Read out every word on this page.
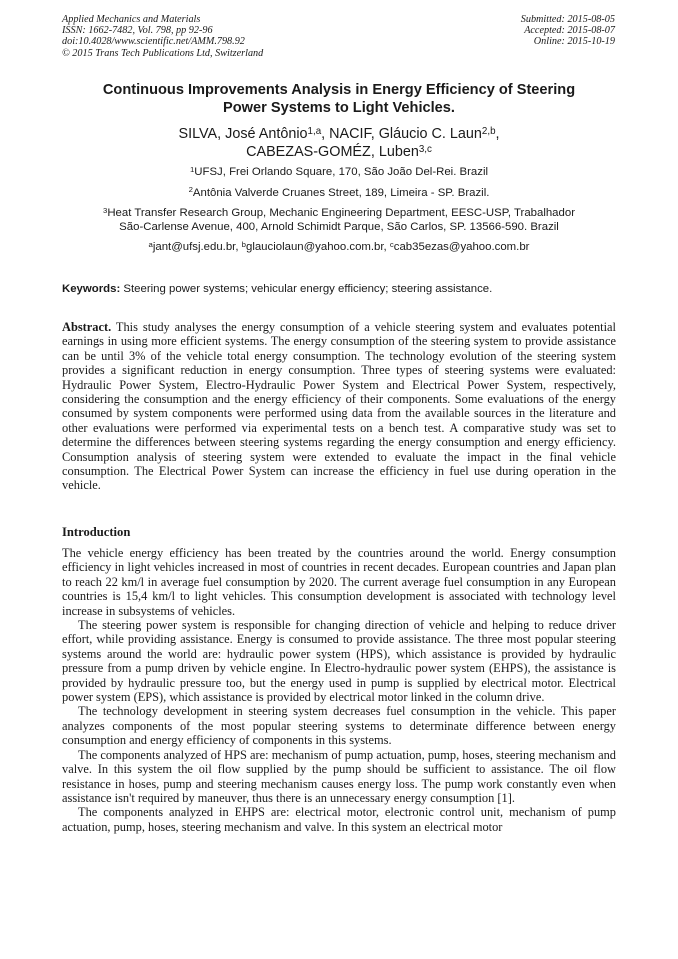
Applied Mechanics and Materials
ISSN: 1662-7482, Vol. 798, pp 92-96
doi:10.4028/www.scientific.net/AMM.798.92
© 2015 Trans Tech Publications Ltd, Switzerland
Submitted: 2015-08-05
Accepted: 2015-08-07
Online: 2015-10-19
Continuous Improvements Analysis in Energy Efficiency of Steering
Power Systems to Light Vehicles.
SILVA, José Antônio$^{1,a}$, NACIF, Gláucio C. Laun$^{2,b}$,
CABEZAS-GOMÉZ, Luben$^{3,c}$
$^1$UFSJ, Frei Orlando Square, 170, São João Del-Rei. Brazil
$^2$Antônia Valverde Cruanes Street, 189, Limeira - SP. Brazil.
$^3$Heat Transfer Research Group, Mechanic Engineering Department, EESC-USP, Trabalhador
São-Carlense Avenue, 400, Arnold Schimidt Parque, São Carlos, SP. 13566-590. Brazil
$^a$jant@ufsj.edu.br, $^b$glauciolaun@yahoo.com.br, $^c$cab35ezas@yahoo.com.br
Keywords: Steering power systems; vehicular energy efficiency; steering assistance.
Abstract. This study analyses the energy consumption of a vehicle steering system and evaluates potential earnings in using more efficient systems. The energy consumption of the steering system to provide assistance can be until 3% of the vehicle total energy consumption. The technology evolution of the steering system provides a significant reduction in energy consumption. Three types of steering systems were evaluated: Hydraulic Power System, Electro-Hydraulic Power System and Electrical Power System, respectively, considering the consumption and the energy efficiency of their components. Some evaluations of the energy consumed by system components were performed using data from the available sources in the literature and other evaluations were performed via experimental tests on a bench test. A comparative study was set to determine the differences between steering systems regarding the energy consumption and energy efficiency. Consumption analysis of steering system were extended to evaluate the impact in the final vehicle consumption. The Electrical Power System can increase the efficiency in fuel use during operation in the vehicle.
Introduction

The vehicle energy efficiency has been treated by the countries around the world. Energy consumption efficiency in light vehicles increased in most of countries in recent decades. European countries and Japan plan to reach 22 km/l in average fuel consumption by 2020. The current average fuel consumption in any European countries is 15,4 km/l to light vehicles. This consumption development is associated with technology level increase in subsystems of vehicles.

The steering power system is responsible for changing direction of vehicle and helping to reduce driver effort, while providing assistance. Energy is consumed to provide assistance. The three most popular steering systems around the world are: hydraulic power system (HPS), which assistance is provided by hydraulic pressure from a pump driven by vehicle engine. In Electro-hydraulic power system (EHPS), the assistance is provided by hydraulic pressure too, but the energy used in pump is supplied by electrical motor. Electrical power system (EPS), which assistance is provided by electrical motor linked in the column drive.

The technology development in steering system decreases fuel consumption in the vehicle. This paper analyzes components of the most popular steering systems to determinate difference between energy consumption and energy efficiency of components in this systems.

The components analyzed of HPS are: mechanism of pump actuation, pump, hoses, steering mechanism and valve. In this system the oil flow supplied by the pump should be sufficient to assistance. The oil flow resistance in hoses, pump and steering mechanism causes energy loss. The pump work constantly even when assistance isn't required by maneuver, thus there is an unnecessary energy consumption [1].

The components analyzed in EHPS are: electrical motor, electronic control unit, mechanism of pump actuation, pump, hoses, steering mechanism and valve. In this system an electrical motor
